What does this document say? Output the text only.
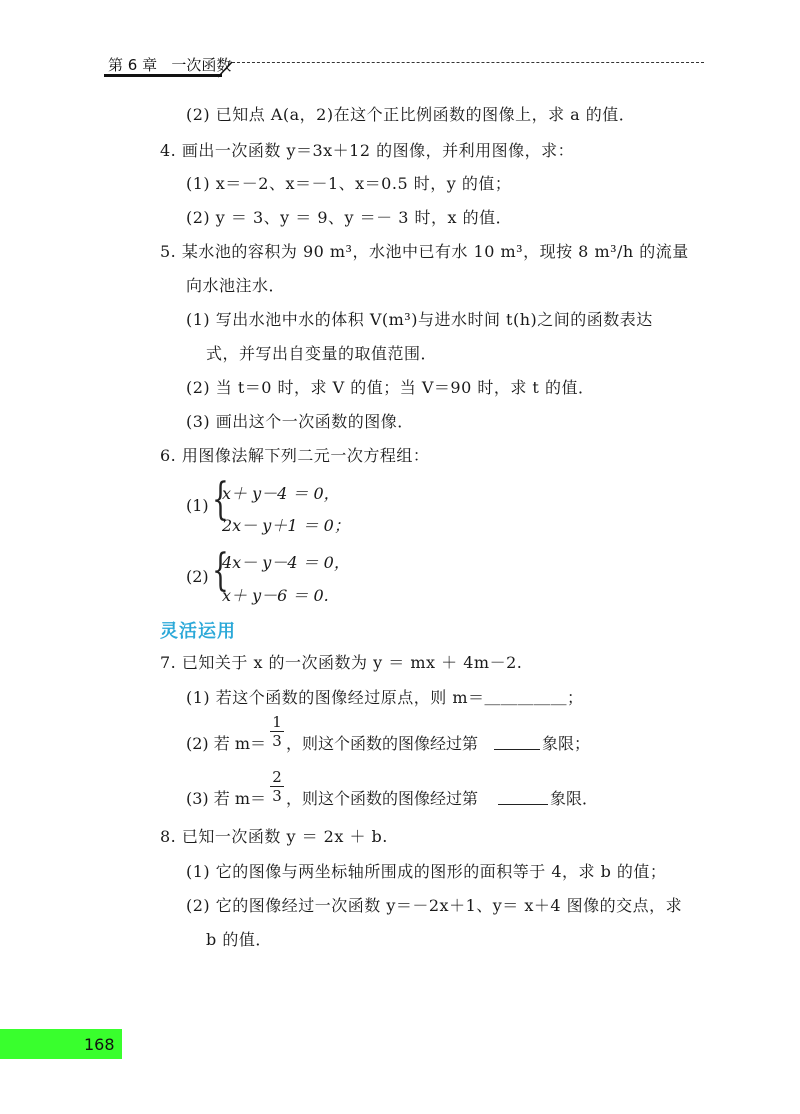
第 6 章   一次函数
(2) 已知点 A(a，2)在这个正比例函数的图像上，求 a 的值．
4. 画出一次函数 y＝3x＋12 的图像，并利用图像，求：
(1) x＝－2、x＝－1、x＝0.5 时，y 的值；
(2) y ＝ 3、y ＝ 9、y ＝－ 3 时，x 的值．
5. 某水池的容积为 90 m³，水池中已有水 10 m³，现按 8 m³/h 的流量
向水池注水．
(1) 写出水池中水的体积 V(m³)与进水时间 t(h)之间的函数表达
式，并写出自变量的取值范围．
(2) 当 t＝0 时，求 V 的值；当 V＝90 时，求 t 的值．
(3) 画出这个一次函数的图像．
6. 用图像法解下列二元一次方程组：
(1) {
x＋ y－4 ＝ 0，
2x－ y＋1 ＝ 0；
(2) {
4x－ y－4 ＝ 0，
x＋ y－6 ＝ 0.
灵活运用
7. 已知关于 x 的一次函数为 y ＝ mx ＋ 4m－2.
(1) 若这个函数的图像经过原点，则 m＝＿＿＿＿＿；
(2) 若 m＝
1
3 ，则这个函数的图像经过第	象限；
(3) 若 m＝
2
3 ，则这个函数的图像经过第	象限．
8. 已知一次函数 y ＝ 2x ＋ b.
(1) 它的图像与两坐标轴所围成的图形的面积等于 4，求 b 的值；
(2) 它的图像经过一次函数 y＝－2x＋1、y＝ x＋4 图像的交点，求
b 的值．
168
